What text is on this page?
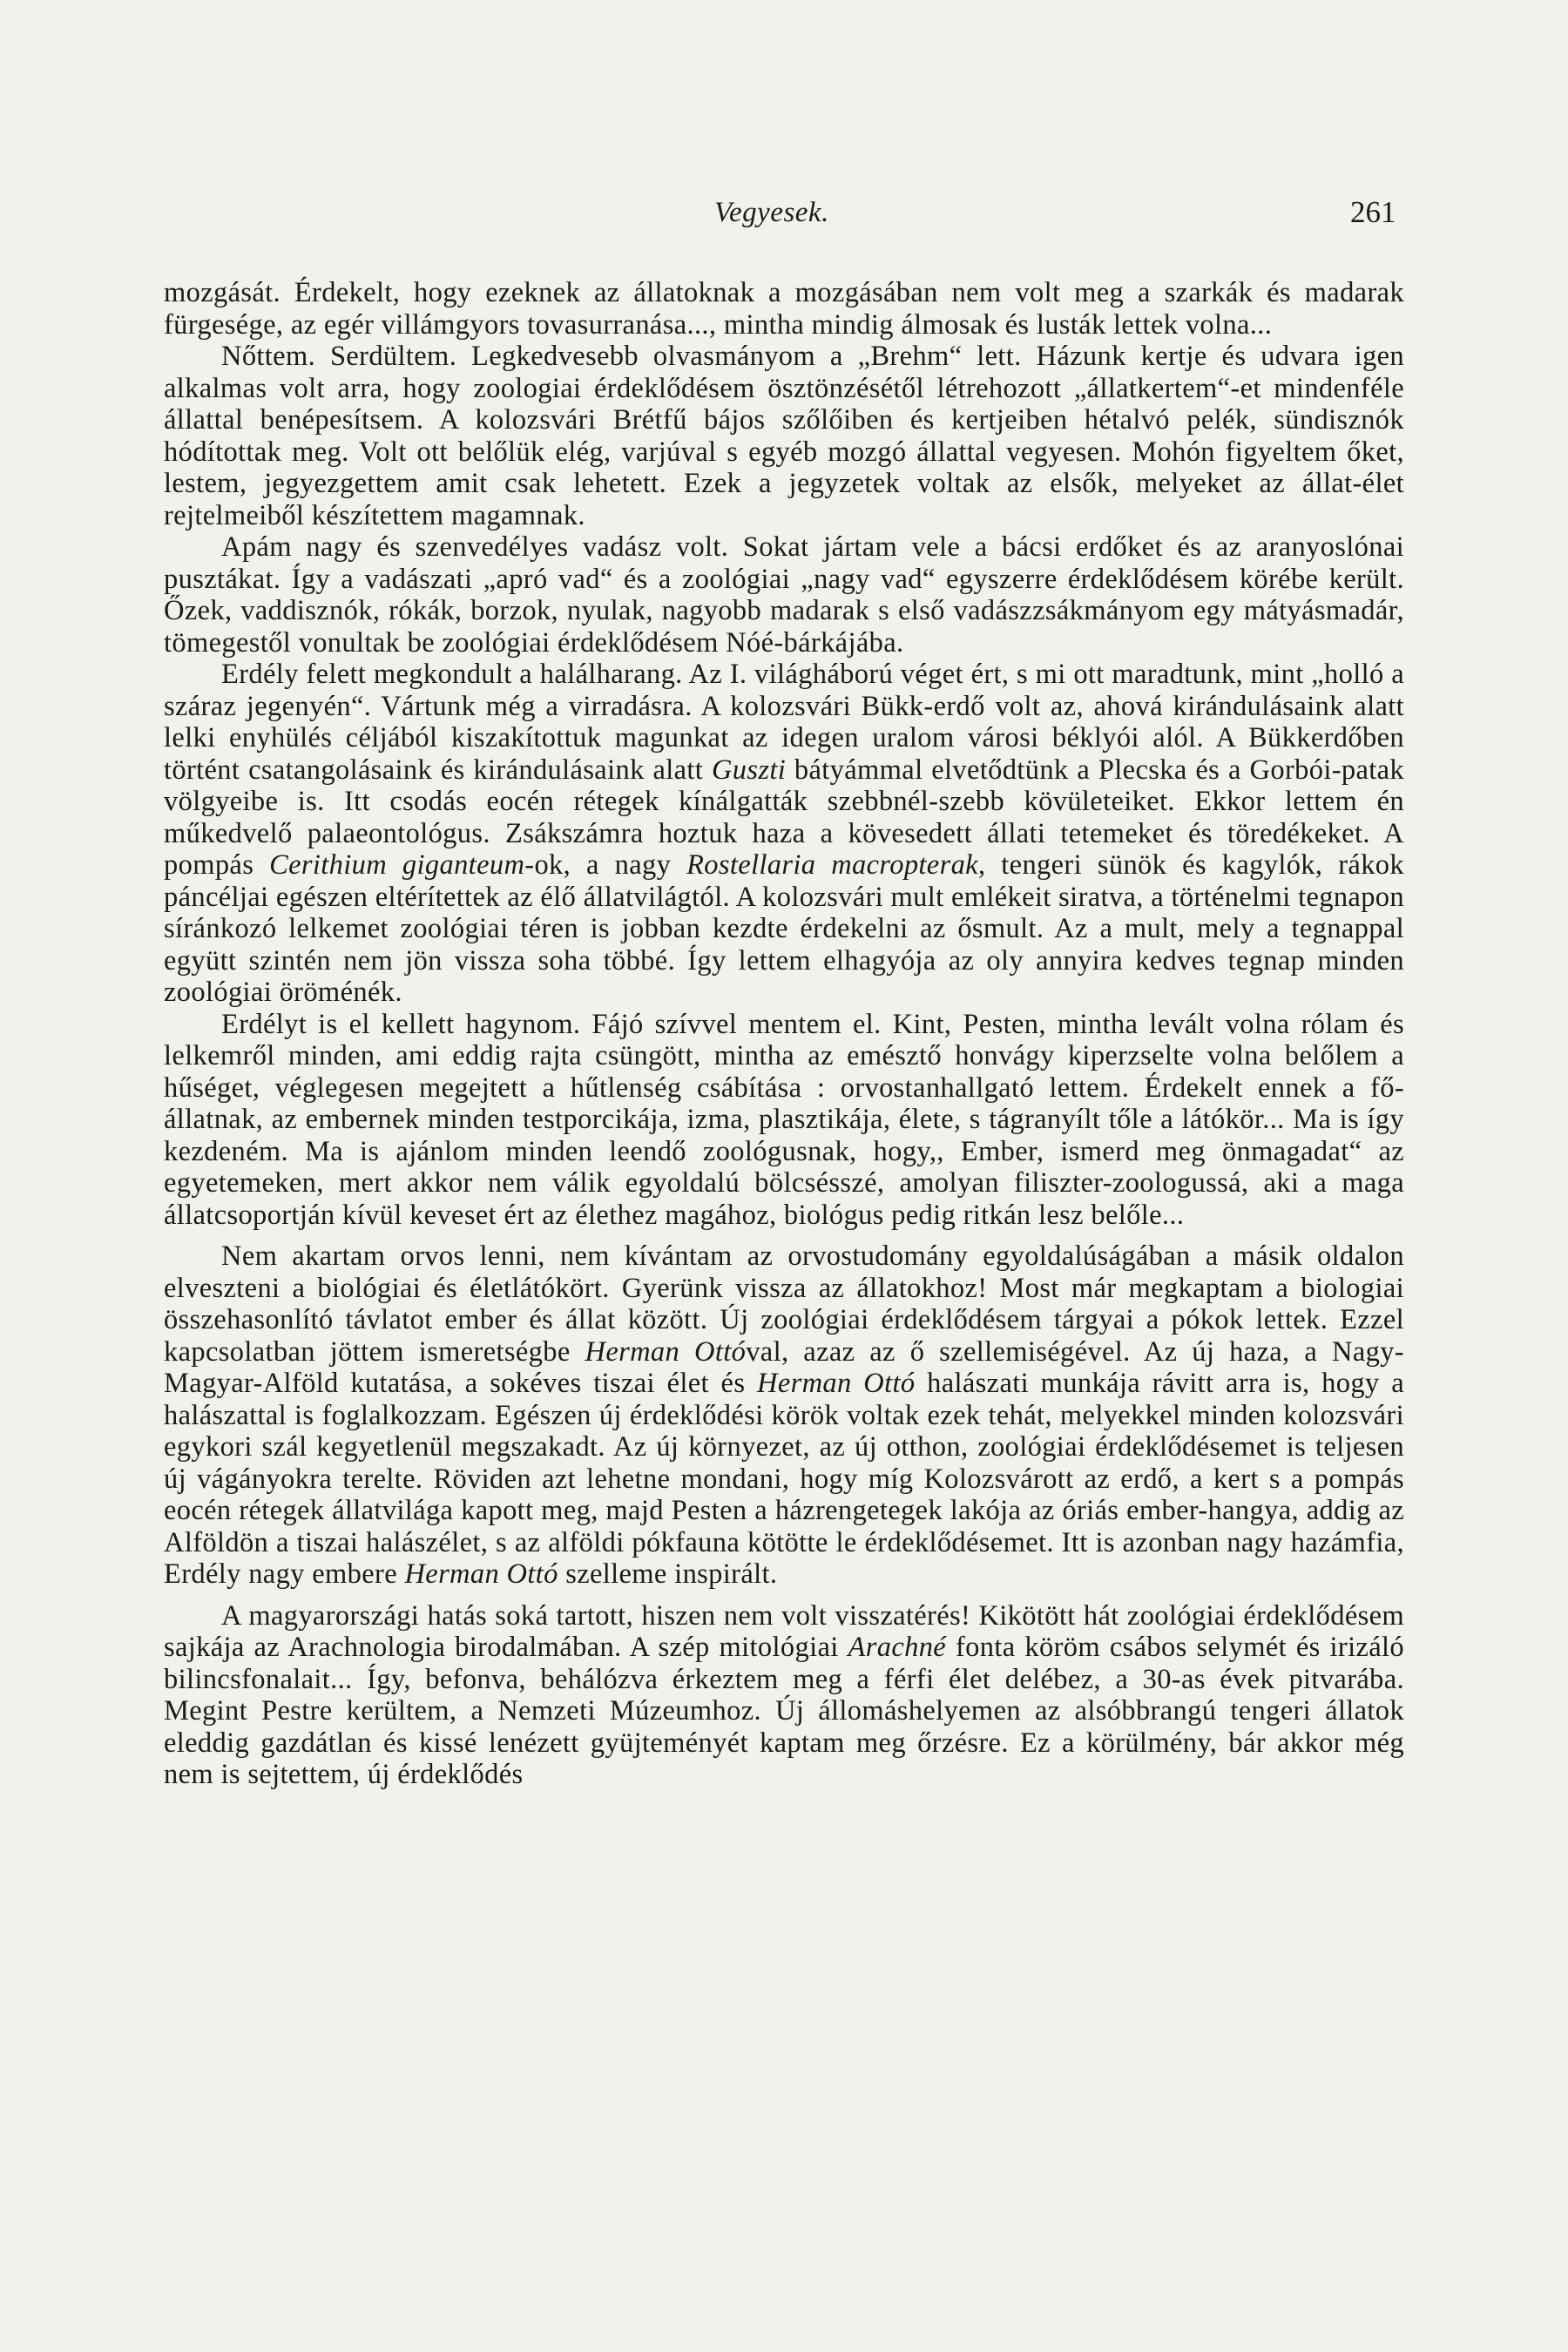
Vegyesek.	261

mozgását. Érdekelt, hogy ezeknek az állatoknak a mozgásában nem volt meg a szarkák és madarak fürgesége, az egér villámgyors tovasurranása..., mintha mindig álmosak és lusták lettek volna...

Nőttem. Serdültem. Legkedvesebb olvasmányom a „Brehm“ lett. Házunk kertje és udvara igen alkalmas volt arra, hogy zoologiai érdeklődésem ösztönzésétől létrehozott „állatkertem“-et mindenféle állattal benépesítsem. A kolozsvári Brétfű bájos szőlőiben és kertjeiben hétalvó pelék, sündisznók hódítottak meg. Volt ott belőlük elég, varjúval s egyéb mozgó állattal vegyesen. Mohón figyeltem őket, lestem, jegyezgettem amit csak lehetett. Ezek a jegyzetek voltak az elsők, melyeket az állat-élet rejtelmeiből készítettem magamnak.

Apám nagy és szenvedélyes vadász volt. Sokat jártam vele a bácsi erdőket és az aranyoslónai pusztákat. Így a vadászati „apró vad“ és a zoológiai „nagy vad“ egyszerre érdeklődésem körébe került. Őzek, vaddisznók, rókák, borzok, nyulak, nagyobb madarak s első vadászzsákmányom egy mátyásmadár, tömegestől vonultak be zoológiai érdeklődésem Nóé-bárkájába.

Erdély felett megkondult a halálharang. Az I. világháború véget ért, s mi ott maradtunk, mint „holló a száraz jegenyén“. Vártunk még a virradásra. A kolozsvári Bükk-erdő volt az, ahová kirándulásaink alatt lelki enyhülés céljából kiszakítottuk magunkat az idegen uralom városi béklyói alól. A Bükkerdőben történt csatangolásaink és kirándulásaink alatt Guszti bátyámmal elvetődtünk a Plecska és a Gorbói-patak völgyeibe is. Itt csodás eocén rétegek kínálgatták szebbnél-szebb kövületeiket. Ekkor lettem én műkedvelő palaeontológus. Zsákszámra hoztuk haza a kövesedett állati tetemeket és töredékeket. A pompás Cerithium giganteum-ok, a nagy Rostellaria macropterak, tengeri sünök és kagylók, rákok páncéljai egészen eltérítettek az élő állatvilágtól. A kolozsvári mult emlékeit siratva, a történelmi tegnapon síránkozó lelkemet zoológiai téren is jobban kezdte érdekelni az ősmult. Az a mult, mely a tegnappal együtt szintén nem jön vissza soha többé. Így lettem elhagyója az oly annyira kedves tegnap minden zoológiai öröménék.

Erdélyt is el kellett hagynom. Fájó szívvel mentem el. Kint, Pesten, mintha levált volna rólam és lelkemről minden, ami eddig rajta csüngött, mintha az emésztő honvágy kiperzselte volna belőlem a hűséget, véglegesen megejtett a hűtlenség csábítása : orvostanhallgató lettem. Érdekelt ennek a fő-állatnak, az embernek minden testporcikája, izma, plasztikája, élete, s tágranyílt tőle a látókör... Ma is így kezdeném. Ma is ajánlom minden leendő zoológusnak, hogy,, Ember, ismerd meg önmagadat“ az egyetemeken, mert akkor nem válik egyoldalú bölcsésszé, amolyan filiszter-zoologussá, aki a maga állatcsoportján kívül keveset ért az élethez magához, biológus pedig ritkán lesz belőle...

Nem akartam orvos lenni, nem kívántam az orvostudomány egyoldalúságában a másik oldalon elveszteni a biológiai és életlátókört. Gyerünk vissza az állatokhoz! Most már megkaptam a biologiai összehasonlító távlatot ember és állat között. Új zoológiai érdeklődésem tárgyai a pókok lettek. Ezzel kapcsolatban jöttem ismeretségbe Herman Ottóval, azaz az ő szellemiségével. Az új haza, a Nagy-Magyar-Alföld kutatása, a sokéves tiszai élet és Herman Ottó halászati munkája rávitt arra is, hogy a halászattal is foglalkozzam. Egészen új érdeklődési körök voltak ezek tehát, melyekkel minden kolozsvári egykori szál kegyetlenül megszakadt. Az új környezet, az új otthon, zoológiai érdeklődésemet is teljesen új vágányokra terelte. Röviden azt lehetne mondani, hogy míg Kolozsvárott az erdő, a kert s a pompás eocén rétegek állatvilága kapott meg, majd Pesten a házrengetegek lakója az óriás ember-hangya, addig az Alföldön a tiszai halászélet, s az alföldi pókfauna kötötte le érdeklődésemet. Itt is azonban nagy hazámfia, Erdély nagy embere Herman Ottó szelleme inspirált.

A magyarországi hatás soká tartott, hiszen nem volt visszatérés! Kikötött hát zoológiai érdeklődésem sajkája az Arachnologia birodalmában. A szép mitológiai Arachné fonta köröm csábos selymét és irizáló bilincsfonalait... Így, befonva, behálózva érkeztem meg a férfi élet delébez, a 30-as évek pitvarába. Megint Pestre kerültem, a Nemzeti Múzeumhoz. Új állomáshelyemen az alsóbbrangú tengeri állatok eleddig gazdátlan és kissé lenézett gyüjteményét kaptam meg őrzésre. Ez a körülmény, bár akkor még nem is sejtettem, új érdeklődés
